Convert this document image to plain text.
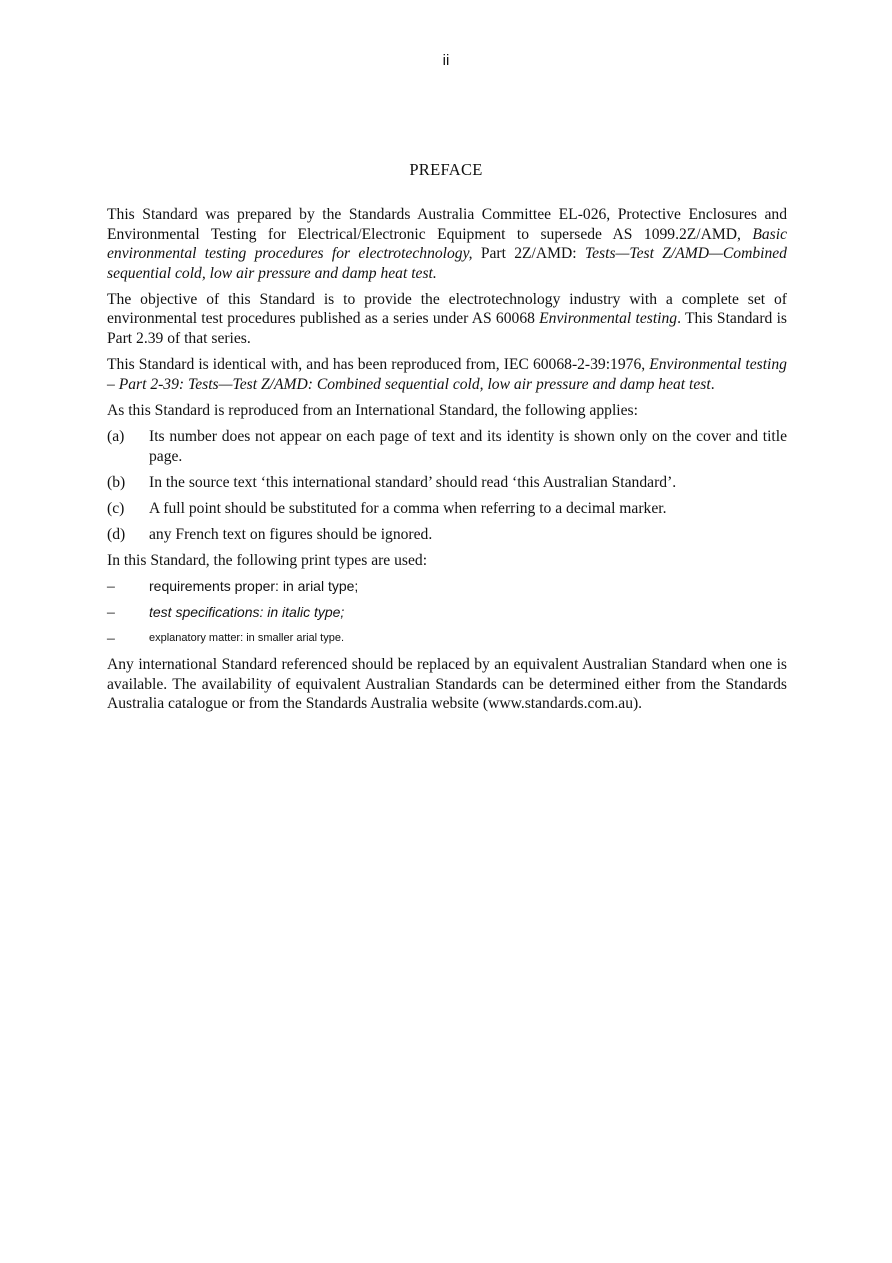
ii
PREFACE

This Standard was prepared by the Standards Australia Committee EL-026, Protective Enclosures and Environmental Testing for Electrical/Electronic Equipment to supersede AS 1099.2Z/AMD, Basic environmental testing procedures for electrotechnology, Part 2Z/AMD: Tests—Test Z/AMD—Combined sequential cold, low air pressure and damp heat test.

The objective of this Standard is to provide the electrotechnology industry with a complete set of environmental test procedures published as a series under AS 60068 Environmental testing. This Standard is Part 2.39 of that series.

This Standard is identical with, and has been reproduced from, IEC 60068-2-39:1976, Environmental testing – Part 2-39: Tests—Test Z/AMD: Combined sequential cold, low air pressure and damp heat test.

As this Standard is reproduced from an International Standard, the following applies:

(a)	Its number does not appear on each page of text and its identity is shown only on the cover and title page.
(b)	In the source text ‘this international standard’ should read ‘this Australian Standard’.
(c)	A full point should be substituted for a comma when referring to a decimal marker.
(d)	any French text on figures should be ignored.

In this Standard, the following print types are used:

–	requirements proper: in arial type;
–	test specifications: in italic type;
–	explanatory matter: in smaller arial type.

Any international Standard referenced should be replaced by an equivalent Australian Standard when one is available. The availability of equivalent Australian Standards can be determined either from the Standards Australia catalogue or from the Standards Australia website (www.standards.com.au).
